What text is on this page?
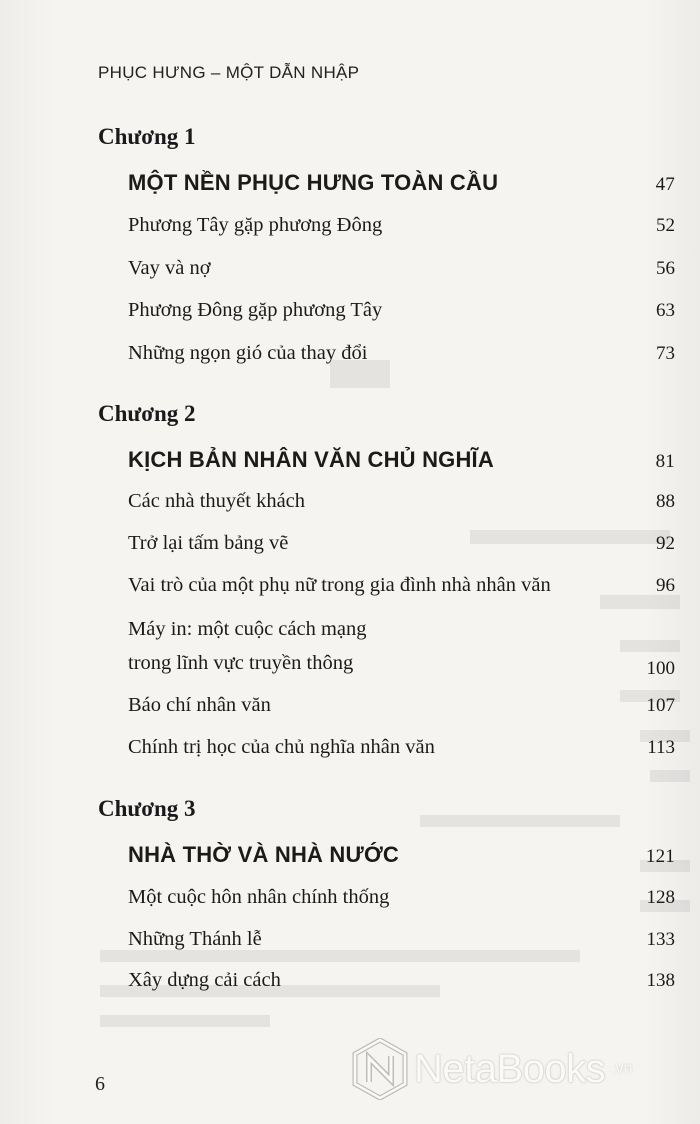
PHỤC HƯNG – MỘT DẪN NHẬP
Chương 1
MỘT NỀN PHỤC HƯNG TOÀN CẦU	47
Phương Tây gặp phương Đông	52
Vay và nợ	56
Phương Đông gặp phương Tây	63
Những ngọn gió của thay đổi	73
Chương 2
KỊCH BẢN NHÂN VĂN CHỦ NGHĨA	81
Các nhà thuyết khách	88
Trở lại tấm bảng vẽ	92
Vai trò của một phụ nữ trong gia đình nhà nhân văn	96
Máy in: một cuộc cách mạng
trong lĩnh vực truyền thông	100
Báo chí nhân văn	107
Chính trị học của chủ nghĩa nhân văn	113
Chương 3
NHÀ THỜ VÀ NHÀ NƯỚC	121
Một cuộc hôn nhân chính thống	128
Những Thánh lễ	133
Xây dựng cải cách	138
6	NetaBooks .vn
